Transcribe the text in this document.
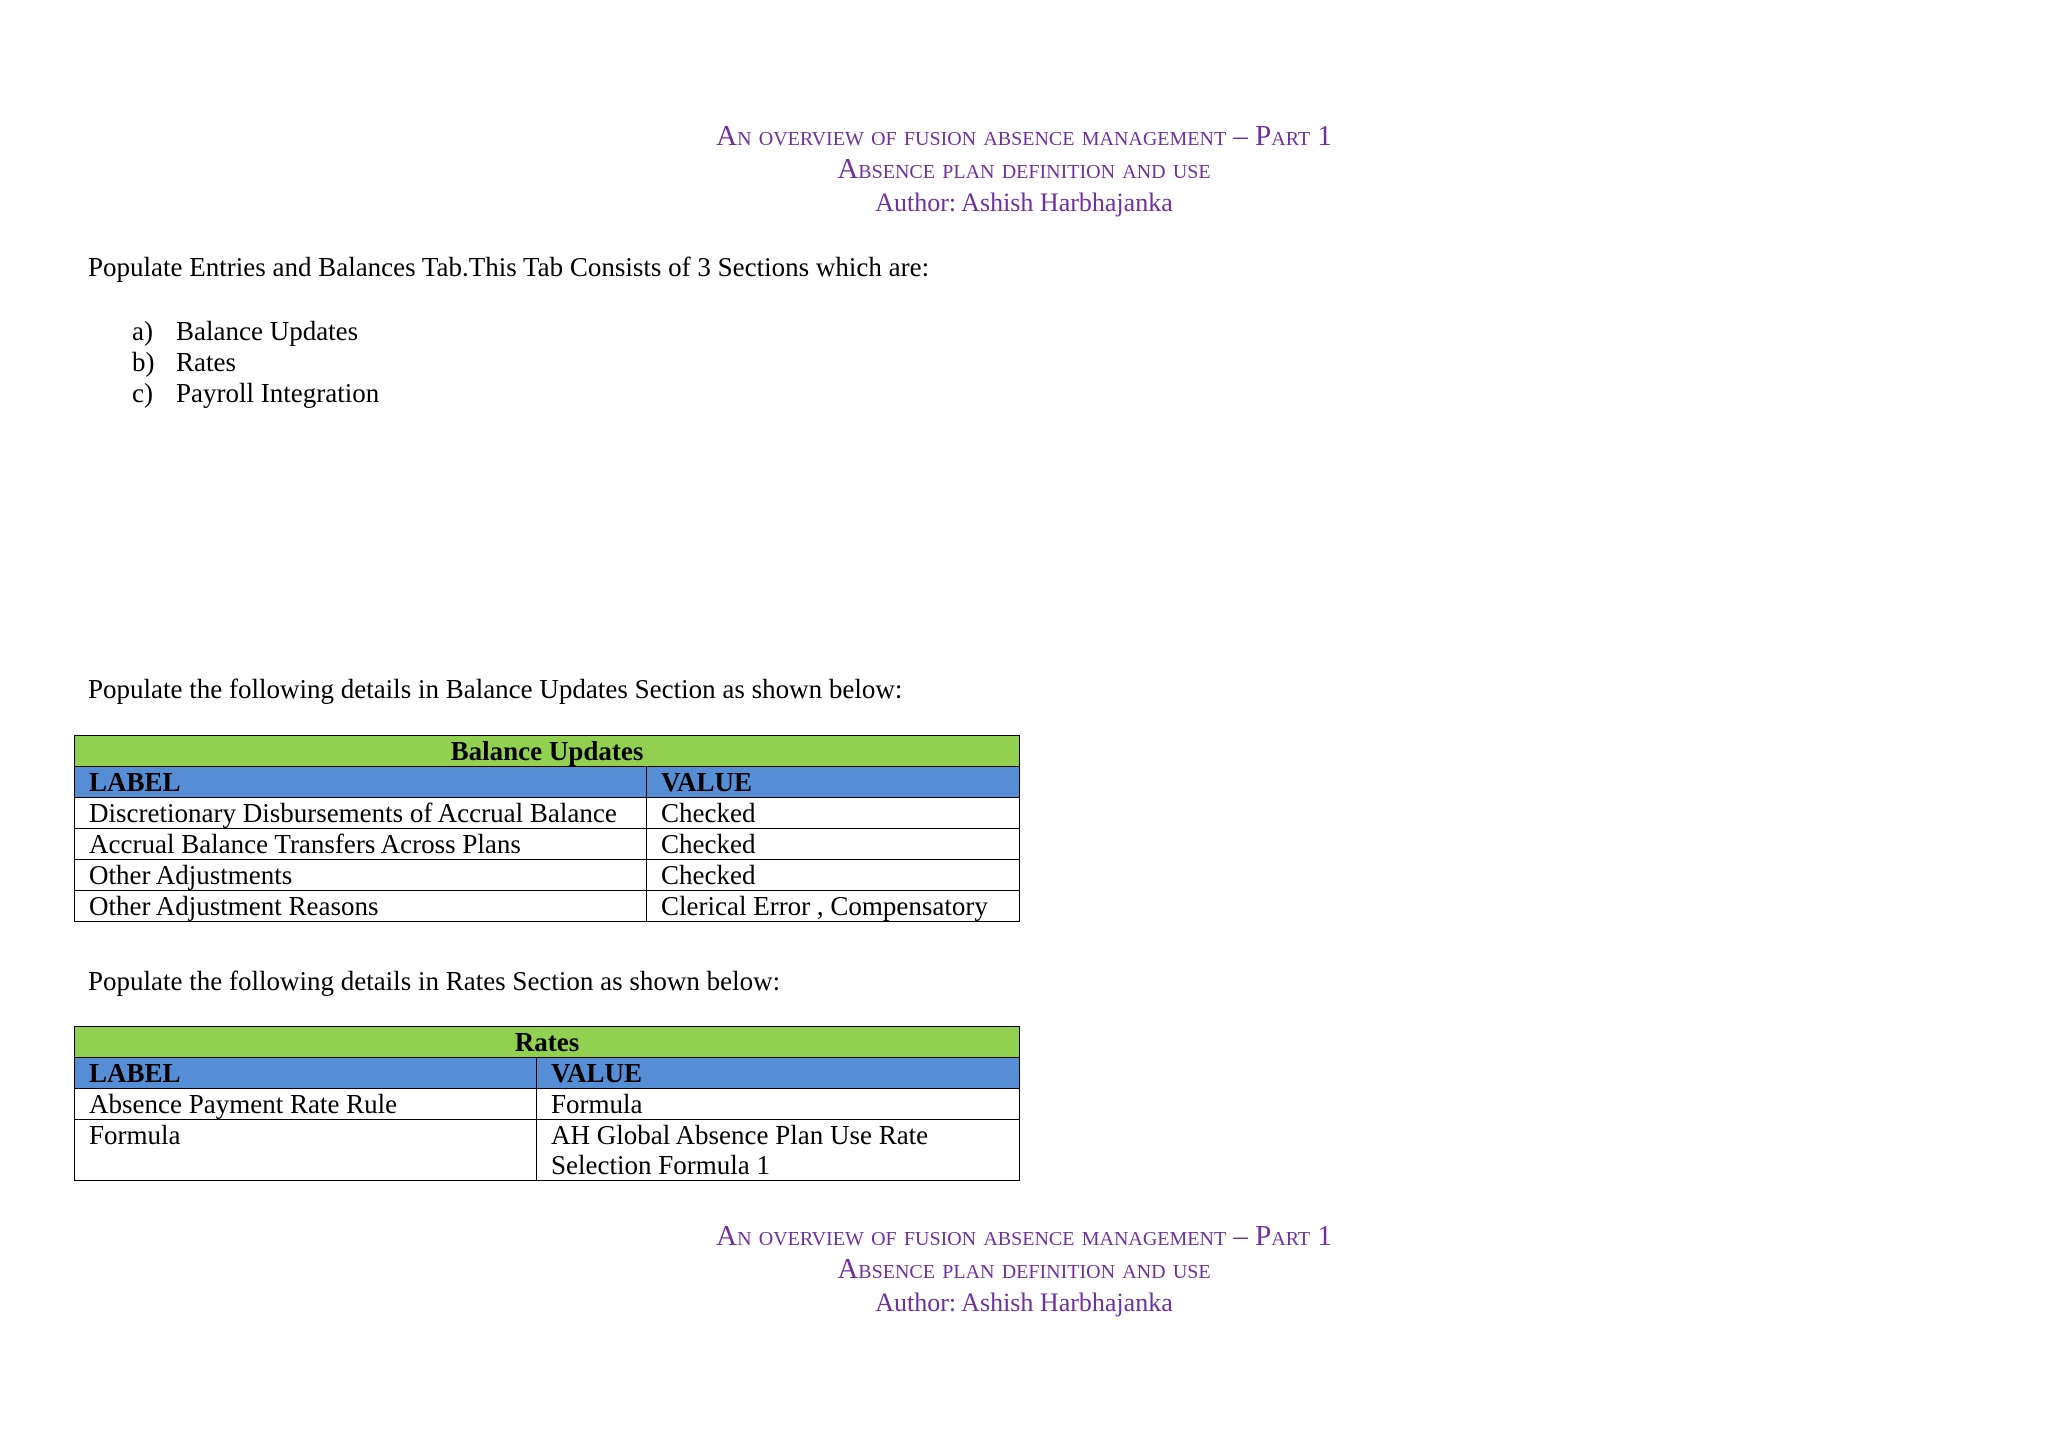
An overview of fusion absence management – Part 1
Absence plan definition and use
Author: Ashish Harbhajanka
Populate Entries and Balances Tab.This Tab Consists of 3 Sections which are:
a) Balance Updates
b) Rates
c) Payroll Integration
Populate the following details in Balance Updates Section as shown below:
Balance Updates	
LABEL	VALUE
Discretionary Disbursements of Accrual Balance	Checked
Accrual Balance Transfers Across Plans	Checked
Other Adjustments	Checked
Other Adjustment Reasons	Clerical Error , Compensatory
Populate the following details in Rates Section as shown below:
Rates	
LABEL	VALUE
Absence Payment Rate Rule	Formula
Formula	AH Global Absence Plan Use Rate Selection Formula 1
An overview of fusion absence management – Part 1
Absence plan definition and use
Author: Ashish Harbhajanka
